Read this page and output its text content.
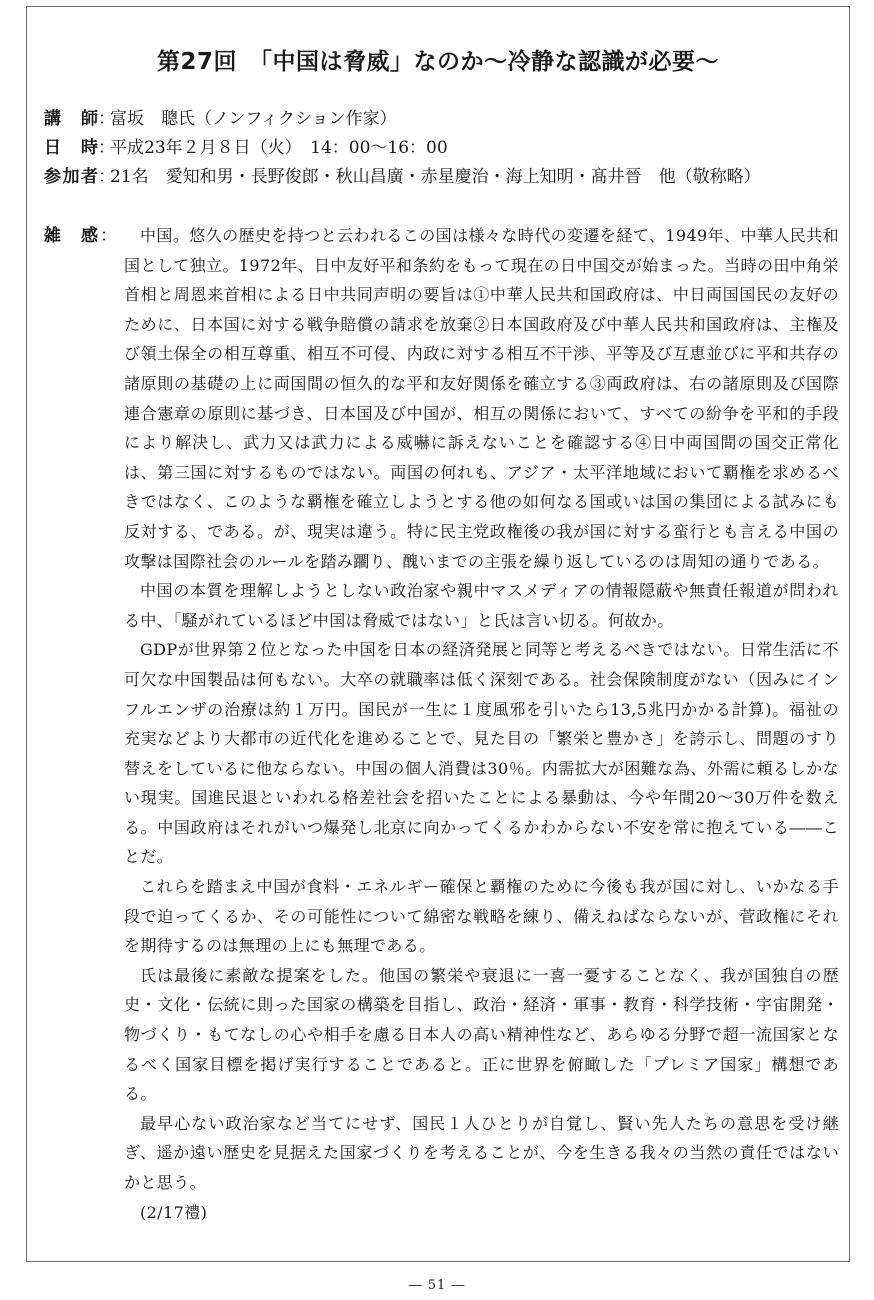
第27回　「中国は脅威」なのか～冷静な認識が必要～
講師 ：
富坂　聰氏（ノンフィクション作家）
日時 ：
平成23年２月８日（火）　14：00～16：00
参加者 ：
21名　愛知和男・長野俊郎・秋山昌廣・赤星慶治・海上知明・髙井晉　他（敬称略）
雑感 ：	中国。悠久の歴史を持つと云われるこの国は様々な時代の変遷を経て、1949年、中華人民共和国として独立。1972年、日中友好平和条約をもって現在の日中国交が始まった。当時の田中角栄首相と周恩来首相による日中共同声明の要旨は①中華人民共和国政府は、中日両国国民の友好のために、日本国に対する戦争賠償の請求を放棄②日本国政府及び中華人民共和国政府は、主権及び領土保全の相互尊重、相互不可侵、内政に対する相互不干渉、平等及び互恵並びに平和共存の諸原則の基礎の上に両国間の恒久的な平和友好関係を確立する③両政府は、右の諸原則及び国際連合憲章の原則に基づき、日本国及び中国が、相互の関係において、すべての紛争を平和的手段により解決し、武力又は武力による威嚇に訴えないことを確認する④日中両国間の国交正常化は、第三国に対するものではない。両国の何れも、アジア・太平洋地域において覇権を求めるべきではなく、このような覇権を確立しようとする他の如何なる国或いは国の集団による試みにも反対する、である。が、現実は違う。特に民主党政権後の我が国に対する蛮行とも言える中国の攻撃は国際社会のルールを踏み躙り、醜いまでの主張を繰り返しているのは周知の通りである。

中国の本質を理解しようとしない政治家や親中マスメディアの情報隠蔽や無責任報道が問われる中、「騒がれているほど中国は脅威ではない」と氏は言い切る。何故か。

GDPが世界第２位となった中国を日本の経済発展と同等と考えるべきではない。日常生活に不可欠な中国製品は何もない。大卒の就職率は低く深刻である。社会保険制度がない（因みにインフルエンザの治療は約１万円。国民が一生に１度風邪を引いたら13,5兆円かかる計算)。福祉の充実などより大都市の近代化を進めることで、見た目の「繁栄と豊かさ」を誇示し、問題のすり替えをしているに他ならない。中国の個人消費は30％。内需拡大が困難な為、外需に頼るしかない現実。国進民退といわれる格差社会を招いたことによる暴動は、今や年間20～30万件を数える。中国政府はそれがいつ爆発し北京に向かってくるかわからない不安を常に抱えている――ことだ。

これらを踏まえ中国が食料・エネルギー確保と覇権のために今後も我が国に対し、いかなる手段で迫ってくるか、その可能性について綿密な戦略を練り、備えねばならないが、菅政権にそれを期待するのは無理の上にも無理である。

氏は最後に素敵な提案をした。他国の繁栄や衰退に一喜一憂することなく、我が国独自の歴史・文化・伝統に則った国家の構築を目指し、政治・経済・軍事・教育・科学技術・宇宙開発・物づくり・もてなしの心や相手を慮る日本人の高い精神性など、あらゆる分野で超一流国家となるべく国家目標を掲げ実行することであると。正に世界を俯瞰した「プレミア国家」構想である。

最早心ない政治家など当てにせず、国民１人ひとりが自覚し、賢い先人たちの意思を受け継ぎ、遥か遠い歴史を見据えた国家づくりを考えることが、今を生きる我々の当然の責任ではないかと思う。

(2/17禮)

― 51 ―
